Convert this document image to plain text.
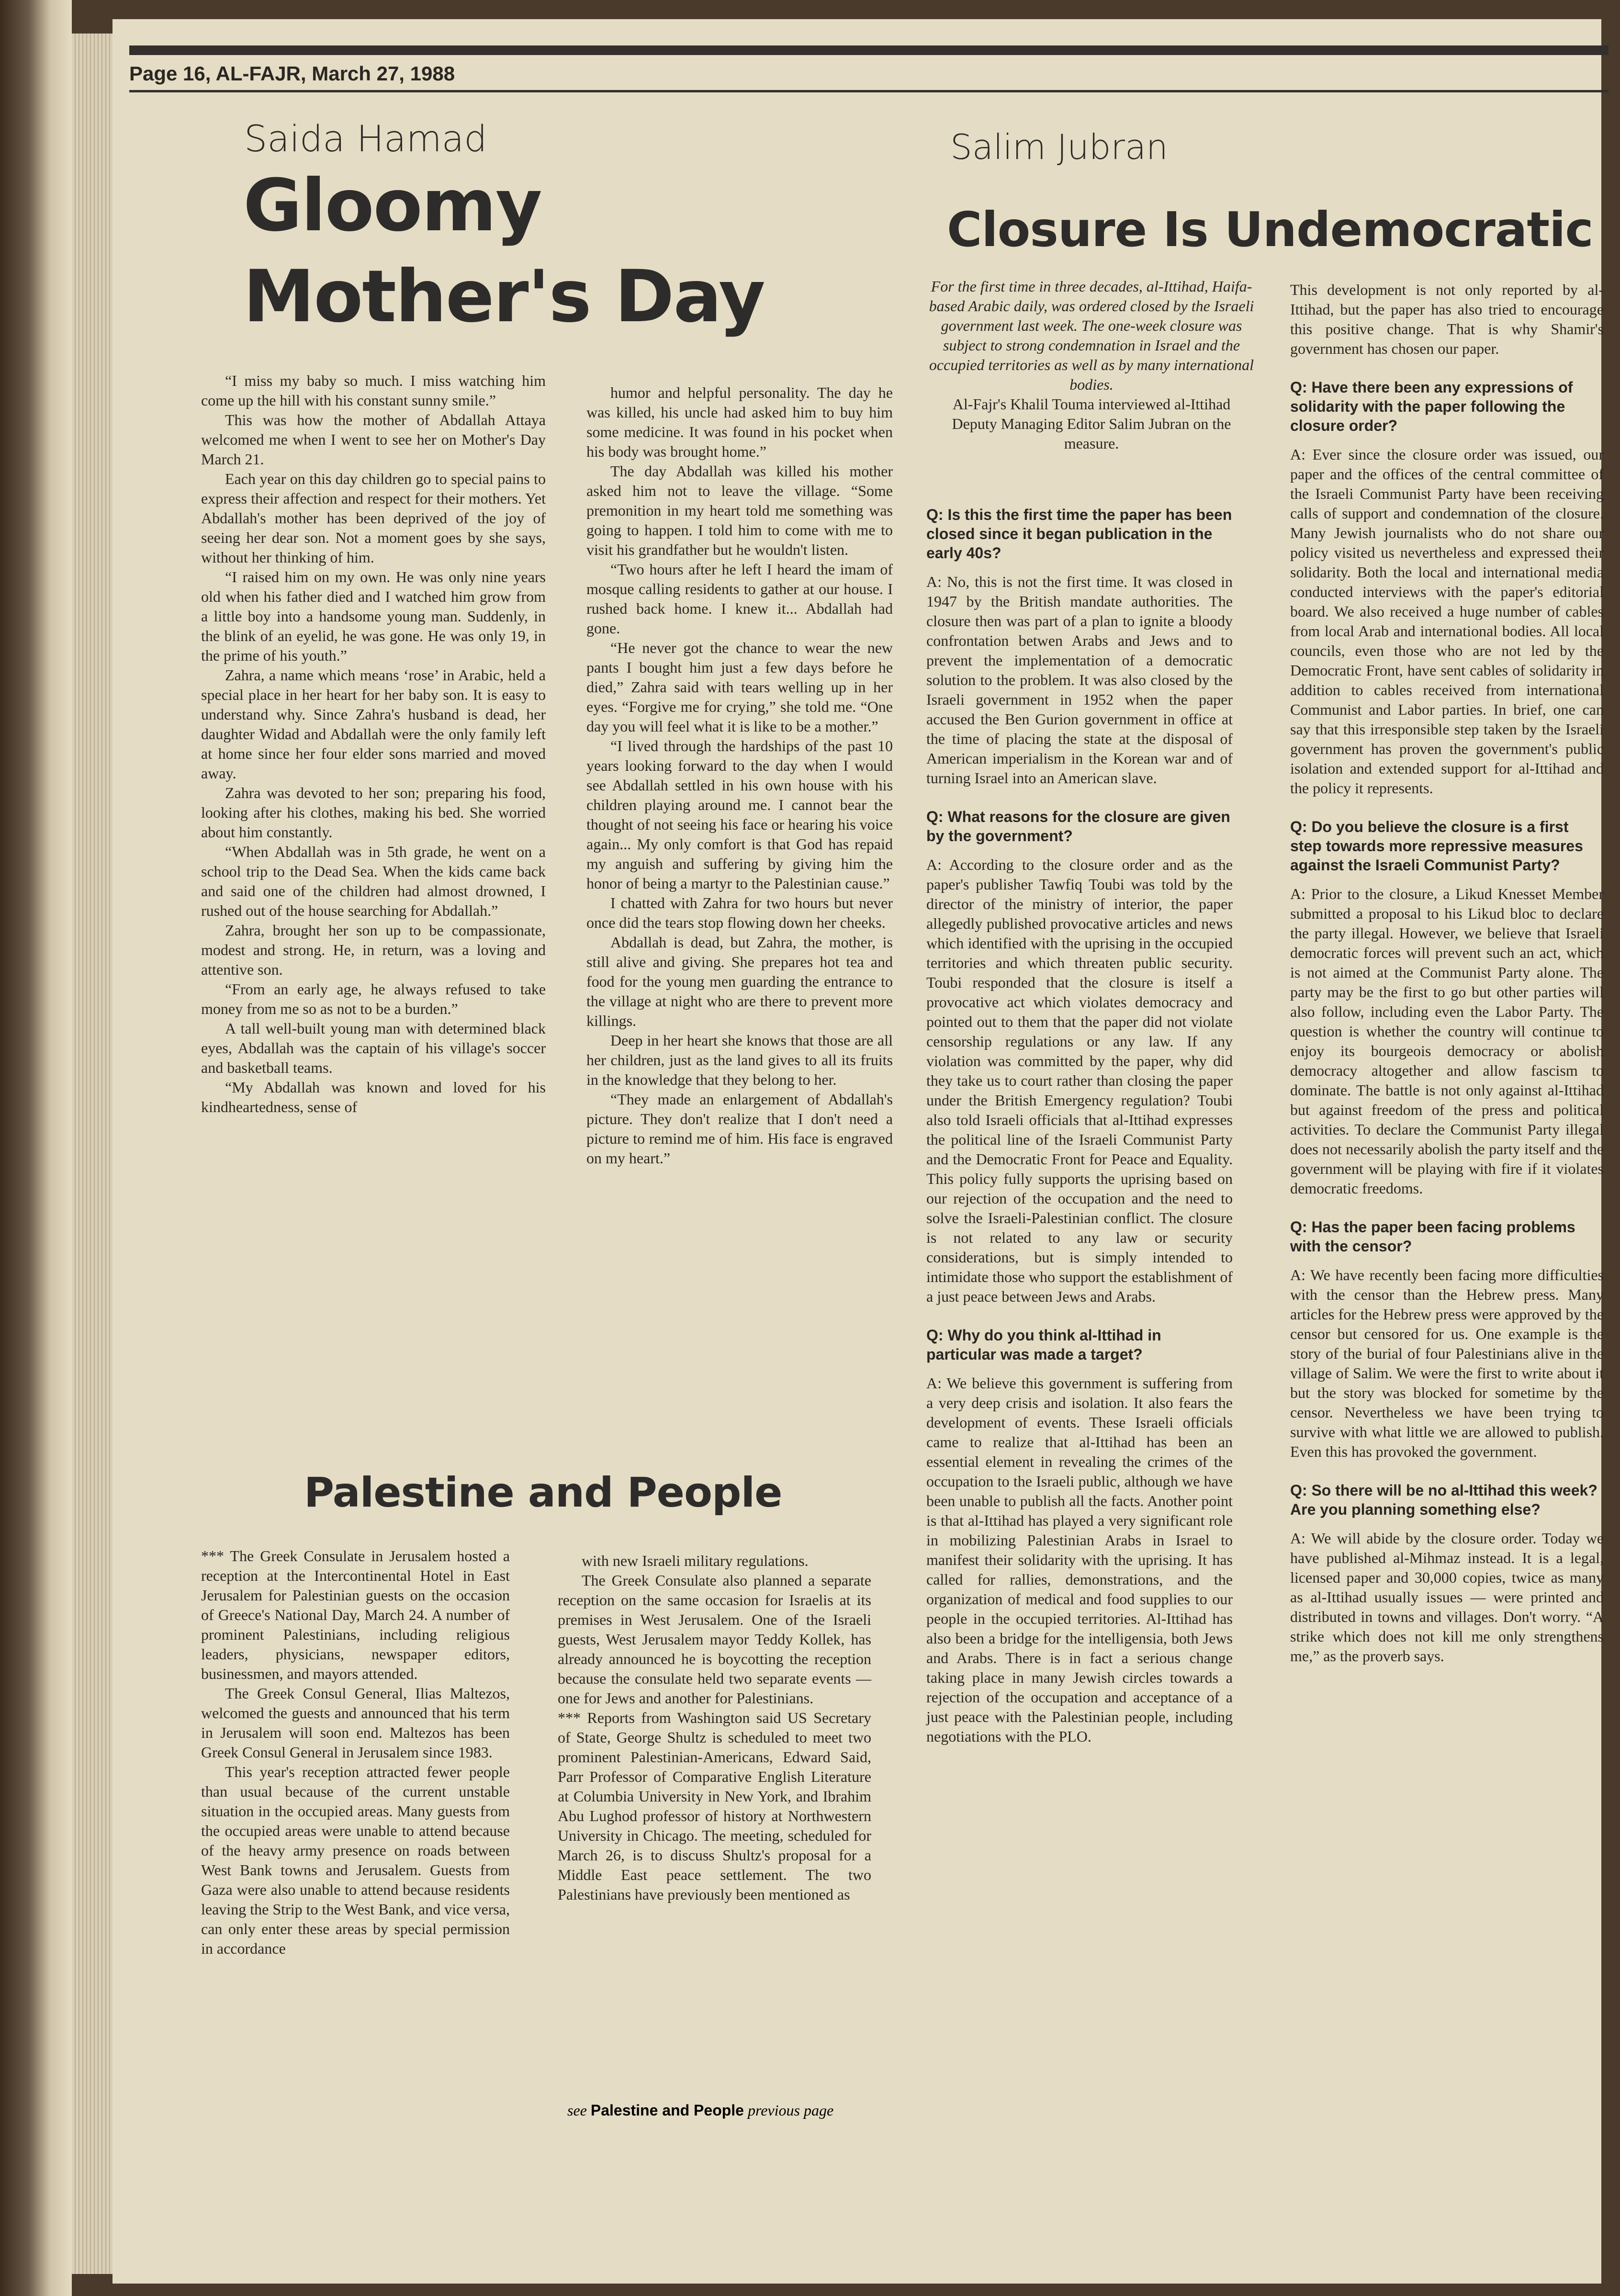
Page 16, AL-FAJR, March 27, 1988
Saida Hamad
Gloomy
Mother's Day

“I miss my baby so much. I miss watching him come up the hill with his constant sunny smile.”

This was how the mother of Abdallah Attaya welcomed me when I went to see her on Mother's Day March 21.

Each year on this day children go to special pains to express their affection and respect for their mothers. Yet Abdallah's mother has been deprived of the joy of seeing her dear son. Not a moment goes by she says, without her thinking of him.

“I raised him on my own. He was only nine years old when his father died and I watched him grow from a little boy into a handsome young man. Suddenly, in the blink of an eyelid, he was gone. He was only 19, in the prime of his youth.”

Zahra, a name which means ‘rose’ in Arabic, held a special place in her heart for her baby son. It is easy to understand why. Since Zahra's husband is dead, her daughter Widad and Abdallah were the only family left at home since her four elder sons married and moved away.

Zahra was devoted to her son; preparing his food, looking after his clothes, making his bed. She worried about him constantly.

“When Abdallah was in 5th grade, he went on a school trip to the Dead Sea. When the kids came back and said one of the children had almost drowned, I rushed out of the house searching for Abdallah.”

Zahra, brought her son up to be compassionate, modest and strong. He, in return, was a loving and attentive son.

“From an early age, he always refused to take money from me so as not to be a burden.”

A tall well-built young man with determined black eyes, Abdallah was the captain of his village's soccer and basketball teams.

“My Abdallah was known and loved for his kindheartedness, sense of

humor and helpful personality. The day he was killed, his uncle had asked him to buy him some medicine. It was found in his pocket when his body was brought home.”

The day Abdallah was killed his mother asked him not to leave the village. “Some premonition in my heart told me something was going to happen. I told him to come with me to visit his grandfather but he wouldn't listen.

“Two hours after he left I heard the imam of mosque calling residents to gather at our house. I rushed back home. I knew it... Abdallah had gone.

“He never got the chance to wear the new pants I bought him just a few days before he died,” Zahra said with tears welling up in her eyes. “Forgive me for crying,” she told me. “One day you will feel what it is like to be a mother.”

“I lived through the hardships of the past 10 years looking forward to the day when I would see Abdallah settled in his own house with his children playing around me. I cannot bear the thought of not seeing his face or hearing his voice again... My only comfort is that God has repaid my anguish and suffering by giving him the honor of being a martyr to the Palestinian cause.”

I chatted with Zahra for two hours but never once did the tears stop flowing down her cheeks.

Abdallah is dead, but Zahra, the mother, is still alive and giving. She prepares hot tea and food for the young men guarding the entrance to the village at night who are there to prevent more killings.

Deep in her heart she knows that those are all her children, just as the land gives to all its fruits in the knowledge that they belong to her.

“They made an enlargement of Abdallah's picture. They don't realize that I don't need a picture to remind me of him. His face is engraved on my heart.”

Palestine and People

*** The Greek Consulate in Jerusalem hosted a reception at the Intercontinental Hotel in East Jerusalem for Palestinian guests on the occasion of Greece's National Day, March 24. A number of prominent Palestinians, including religious leaders, physicians, newspaper editors, businessmen, and mayors attended.

The Greek Consul General, Ilias Maltezos, welcomed the guests and announced that his term in Jerusalem will soon end. Maltezos has been Greek Consul General in Jerusalem since 1983.

This year's reception attracted fewer people than usual because of the current unstable situation in the occupied areas. Many guests from the occupied areas were unable to attend because of the heavy army presence on roads between West Bank towns and Jerusalem. Guests from Gaza were also unable to attend because residents leaving the Strip to the West Bank, and vice versa, can only enter these areas by special permission in accordance

with new Israeli military regulations.

The Greek Consulate also planned a separate reception on the same occasion for Israelis at its premises in West Jerusalem. One of the Israeli guests, West Jerusalem mayor Teddy Kollek, has already announced he is boycotting the reception because the consulate held two separate events — one for Jews and another for Palestinians.

*** Reports from Washington said US Secretary of State, George Shultz is scheduled to meet two prominent Palestinian-Americans, Edward Said, Parr Professor of Comparative English Literature at Columbia University in New York, and Ibrahim Abu Lughod professor of history at Northwestern University in Chicago. The meeting, scheduled for March 26, is to discuss Shultz's proposal for a Middle East peace settlement. The two Palestinians have previously been mentioned as

see Palestine and People previous page
Salim Jubran
Closure Is Undemocratic

For the first time in three decades, al-Ittihad, Haifa-based Arabic daily, was ordered closed by the Israeli government last week. The one-week closure was subject to strong condemnation in Israel and the occupied territories as well as by many international bodies.

Al-Fajr's Khalil Touma interviewed al-Ittihad Deputy Managing Editor Salim Jubran on the measure.

Q: Is this the first time the paper has been closed since it began publication in the early 40s?

A: No, this is not the first time. It was closed in 1947 by the British mandate authorities. The closure then was part of a plan to ignite a bloody confrontation betwen Arabs and Jews and to prevent the implementation of a democratic solution to the problem. It was also closed by the Israeli government in 1952 when the paper accused the Ben Gurion government in office at the time of placing the state at the disposal of American imperialism in the Korean war and of turning Israel into an American slave.

Q: What reasons for the closure are given by the government?

A: According to the closure order and as the paper's publisher Tawfiq Toubi was told by the director of the ministry of interior, the paper allegedly published provocative articles and news which identified with the uprising in the occupied territories and which threaten public security. Toubi responded that the closure is itself a provocative act which violates democracy and pointed out to them that the paper did not violate censorship regulations or any law. If any violation was committed by the paper, why did they take us to court rather than closing the paper under the British Emergency regulation? Toubi also told Israeli officials that al-Ittihad expresses the political line of the Israeli Communist Party and the Democratic Front for Peace and Equality. This policy fully supports the uprising based on our rejection of the occupation and the need to solve the Israeli-Palestinian conflict. The closure is not related to any law or security considerations, but is simply intended to intimidate those who support the establishment of a just peace between Jews and Arabs.

Q: Why do you think al-Ittihad in particular was made a target?

A: We believe this government is suffering from a very deep crisis and isolation. It also fears the development of events. These Israeli officials came to realize that al-Ittihad has been an essential element in revealing the crimes of the occupation to the Israeli public, although we have been unable to publish all the facts. Another point is that al-Ittihad has played a very significant role in mobilizing Palestinian Arabs in Israel to manifest their solidarity with the uprising. It has called for rallies, demonstrations, and the organization of medical and food supplies to our people in the occupied territories. Al-Ittihad has also been a bridge for the intelligensia, both Jews and Arabs. There is in fact a serious change taking place in many Jewish circles towards a rejection of the occupation and acceptance of a just peace with the Palestinian people, including negotiations with the PLO.

This development is not only reported by al-Ittihad, but the paper has also tried to encourage this positive change. That is why Shamir's government has chosen our paper.

Q: Have there been any expressions of solidarity with the paper following the closure order?

A: Ever since the closure order was issued, our paper and the offices of the central committee of the Israeli Communist Party have been receiving calls of support and condemnation of the closure. Many Jewish journalists who do not share our policy visited us nevertheless and expressed their solidarity. Both the local and international media conducted interviews with the paper's editorial board. We also received a huge number of cables from local Arab and international bodies. All local councils, even those who are not led by the Democratic Front, have sent cables of solidarity in addition to cables received from international Communist and Labor parties. In brief, one can say that this irresponsible step taken by the Israeli government has proven the government's public isolation and extended support for al-Ittihad and the policy it represents.

Q: Do you believe the closure is a first step towards more repressive measures against the Israeli Communist Party?

A: Prior to the closure, a Likud Knesset Member submitted a proposal to his Likud bloc to declare the party illegal. However, we believe that Israeli democratic forces will prevent such an act, which is not aimed at the Communist Party alone. The party may be the first to go but other parties will also follow, including even the Labor Party. The question is whether the country will continue to enjoy its bourgeois democracy or abolish democracy altogether and allow fascism to dominate. The battle is not only against al-Ittihad but against freedom of the press and political activities. To declare the Communist Party illegal does not necessarily abolish the party itself and the government will be playing with fire if it violates democratic freedoms.

Q: Has the paper been facing problems with the censor?

A: We have recently been facing more difficulties with the censor than the Hebrew press. Many articles for the Hebrew press were approved by the censor but censored for us. One example is the story of the burial of four Palestinians alive in the village of Salim. We were the first to write about it but the story was blocked for sometime by the censor. Nevertheless we have been trying to survive with what little we are allowed to publish. Even this has provoked the government.

Q: So there will be no al-Ittihad this week? Are you planning something else?

A: We will abide by the closure order. Today we have published al-Mihmaz instead. It is a legal, licensed paper and 30,000 copies, twice as many as al-Ittihad usually issues — were printed and distributed in towns and villages. Don't worry. “A strike which does not kill me only strengthens me,” as the proverb says.
